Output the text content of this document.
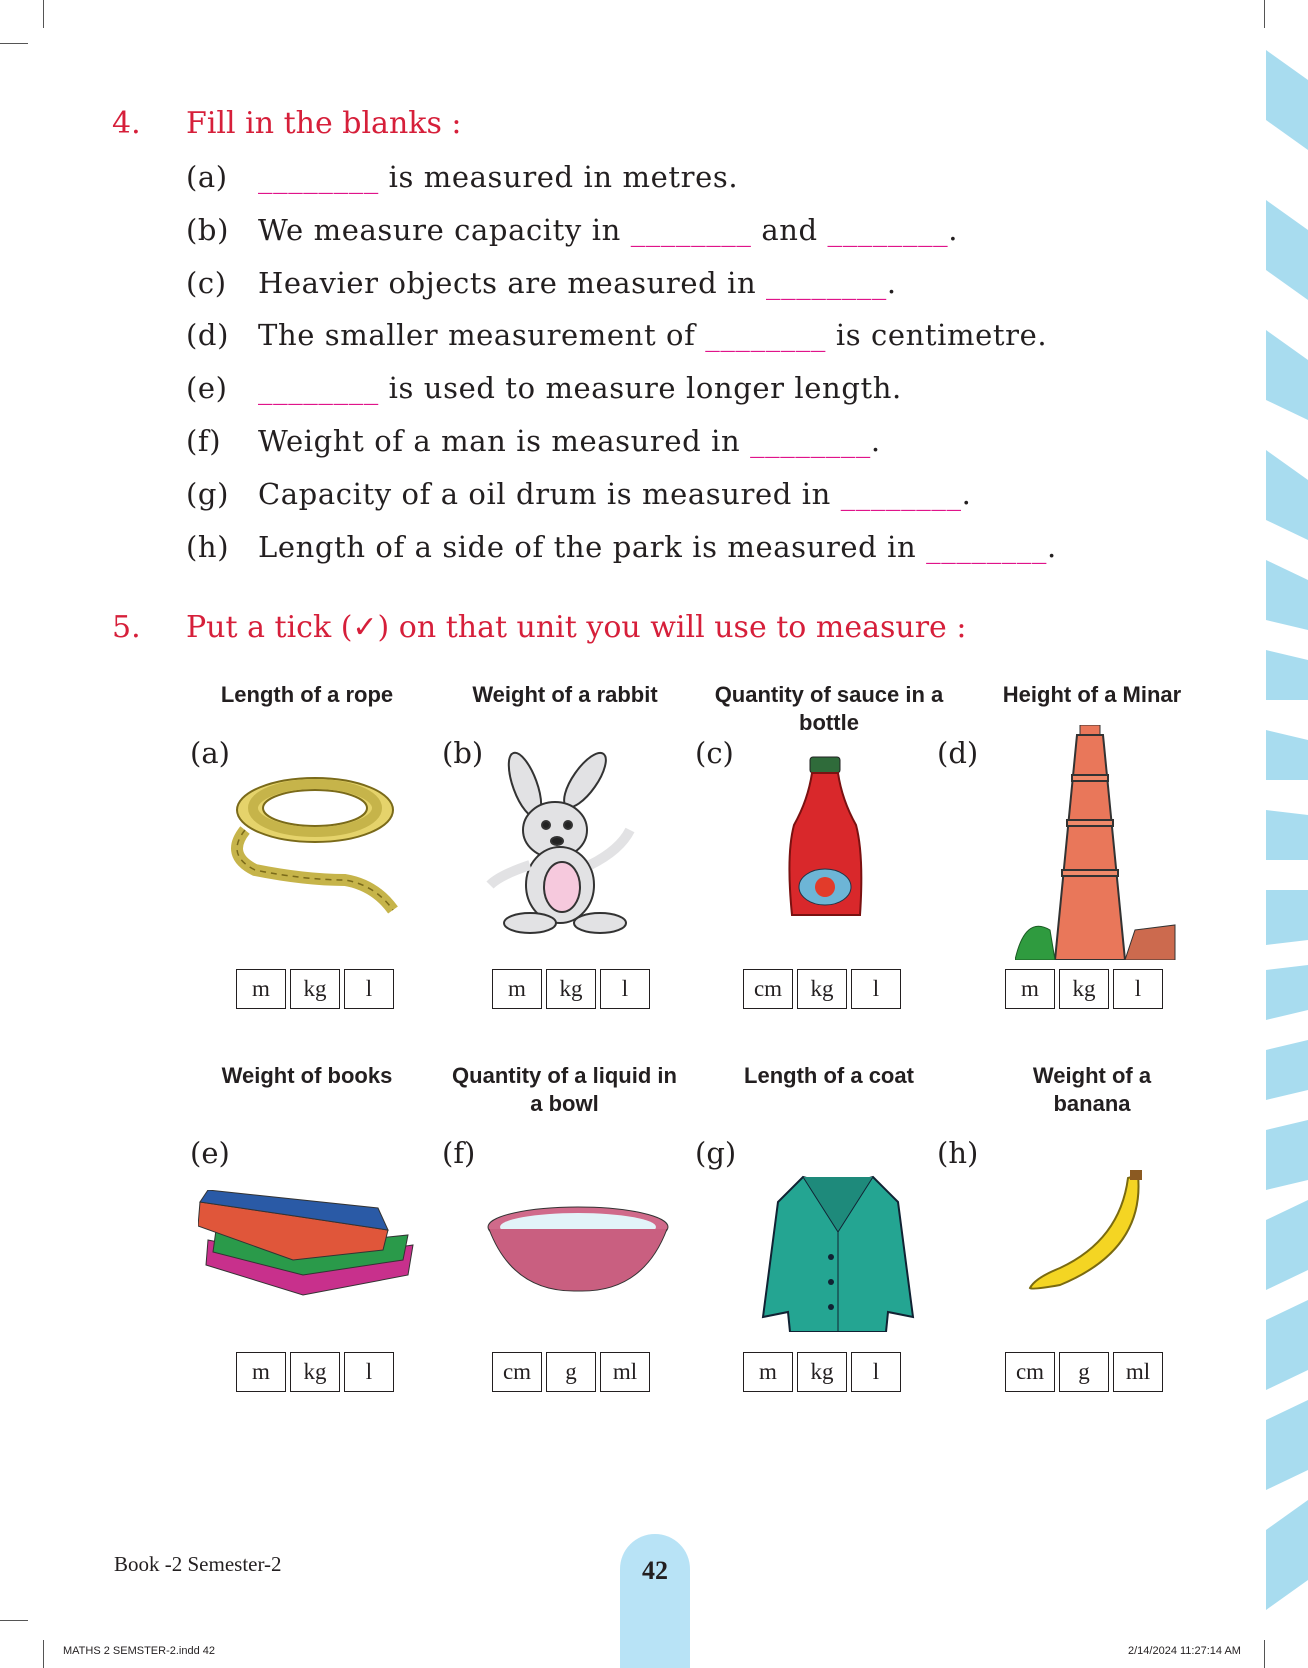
4. Fill in the blanks :
(a) ________ is measured in metres.
(b) We measure capacity in ________ and ________.
(c) Heavier objects are measured in ________.
(d) The smaller measurement of ________ is centimetre.
(e) ________ is used to measure longer length.
(f) Weight of a man is measured in ________.
(g) Capacity of a oil drum is measured in ________.
(h) Length of a side of the park is measured in ________.
5. Put a tick (✓) on that unit you will use to measure :
Length of a rope	Weight of a rabbit	Quantity of sauce in a bottle
Height of a Minar
Weight of books	Quantity of a liquid in a bowl
Length of a coat	Weight of a banana
(a)	(b)	(c)	(d)
(e)	(f)	(g)	(h)
m	kg	l	m	kg	l	cm	kg	l	m	kg	l
m	kg	l	cm	g	ml	m	kg	l	cm	g	ml
Book -2 Semester-2	42
MATHS 2 SEMSTER-2.indd 42	2/14/2024 11:27:14 AM
